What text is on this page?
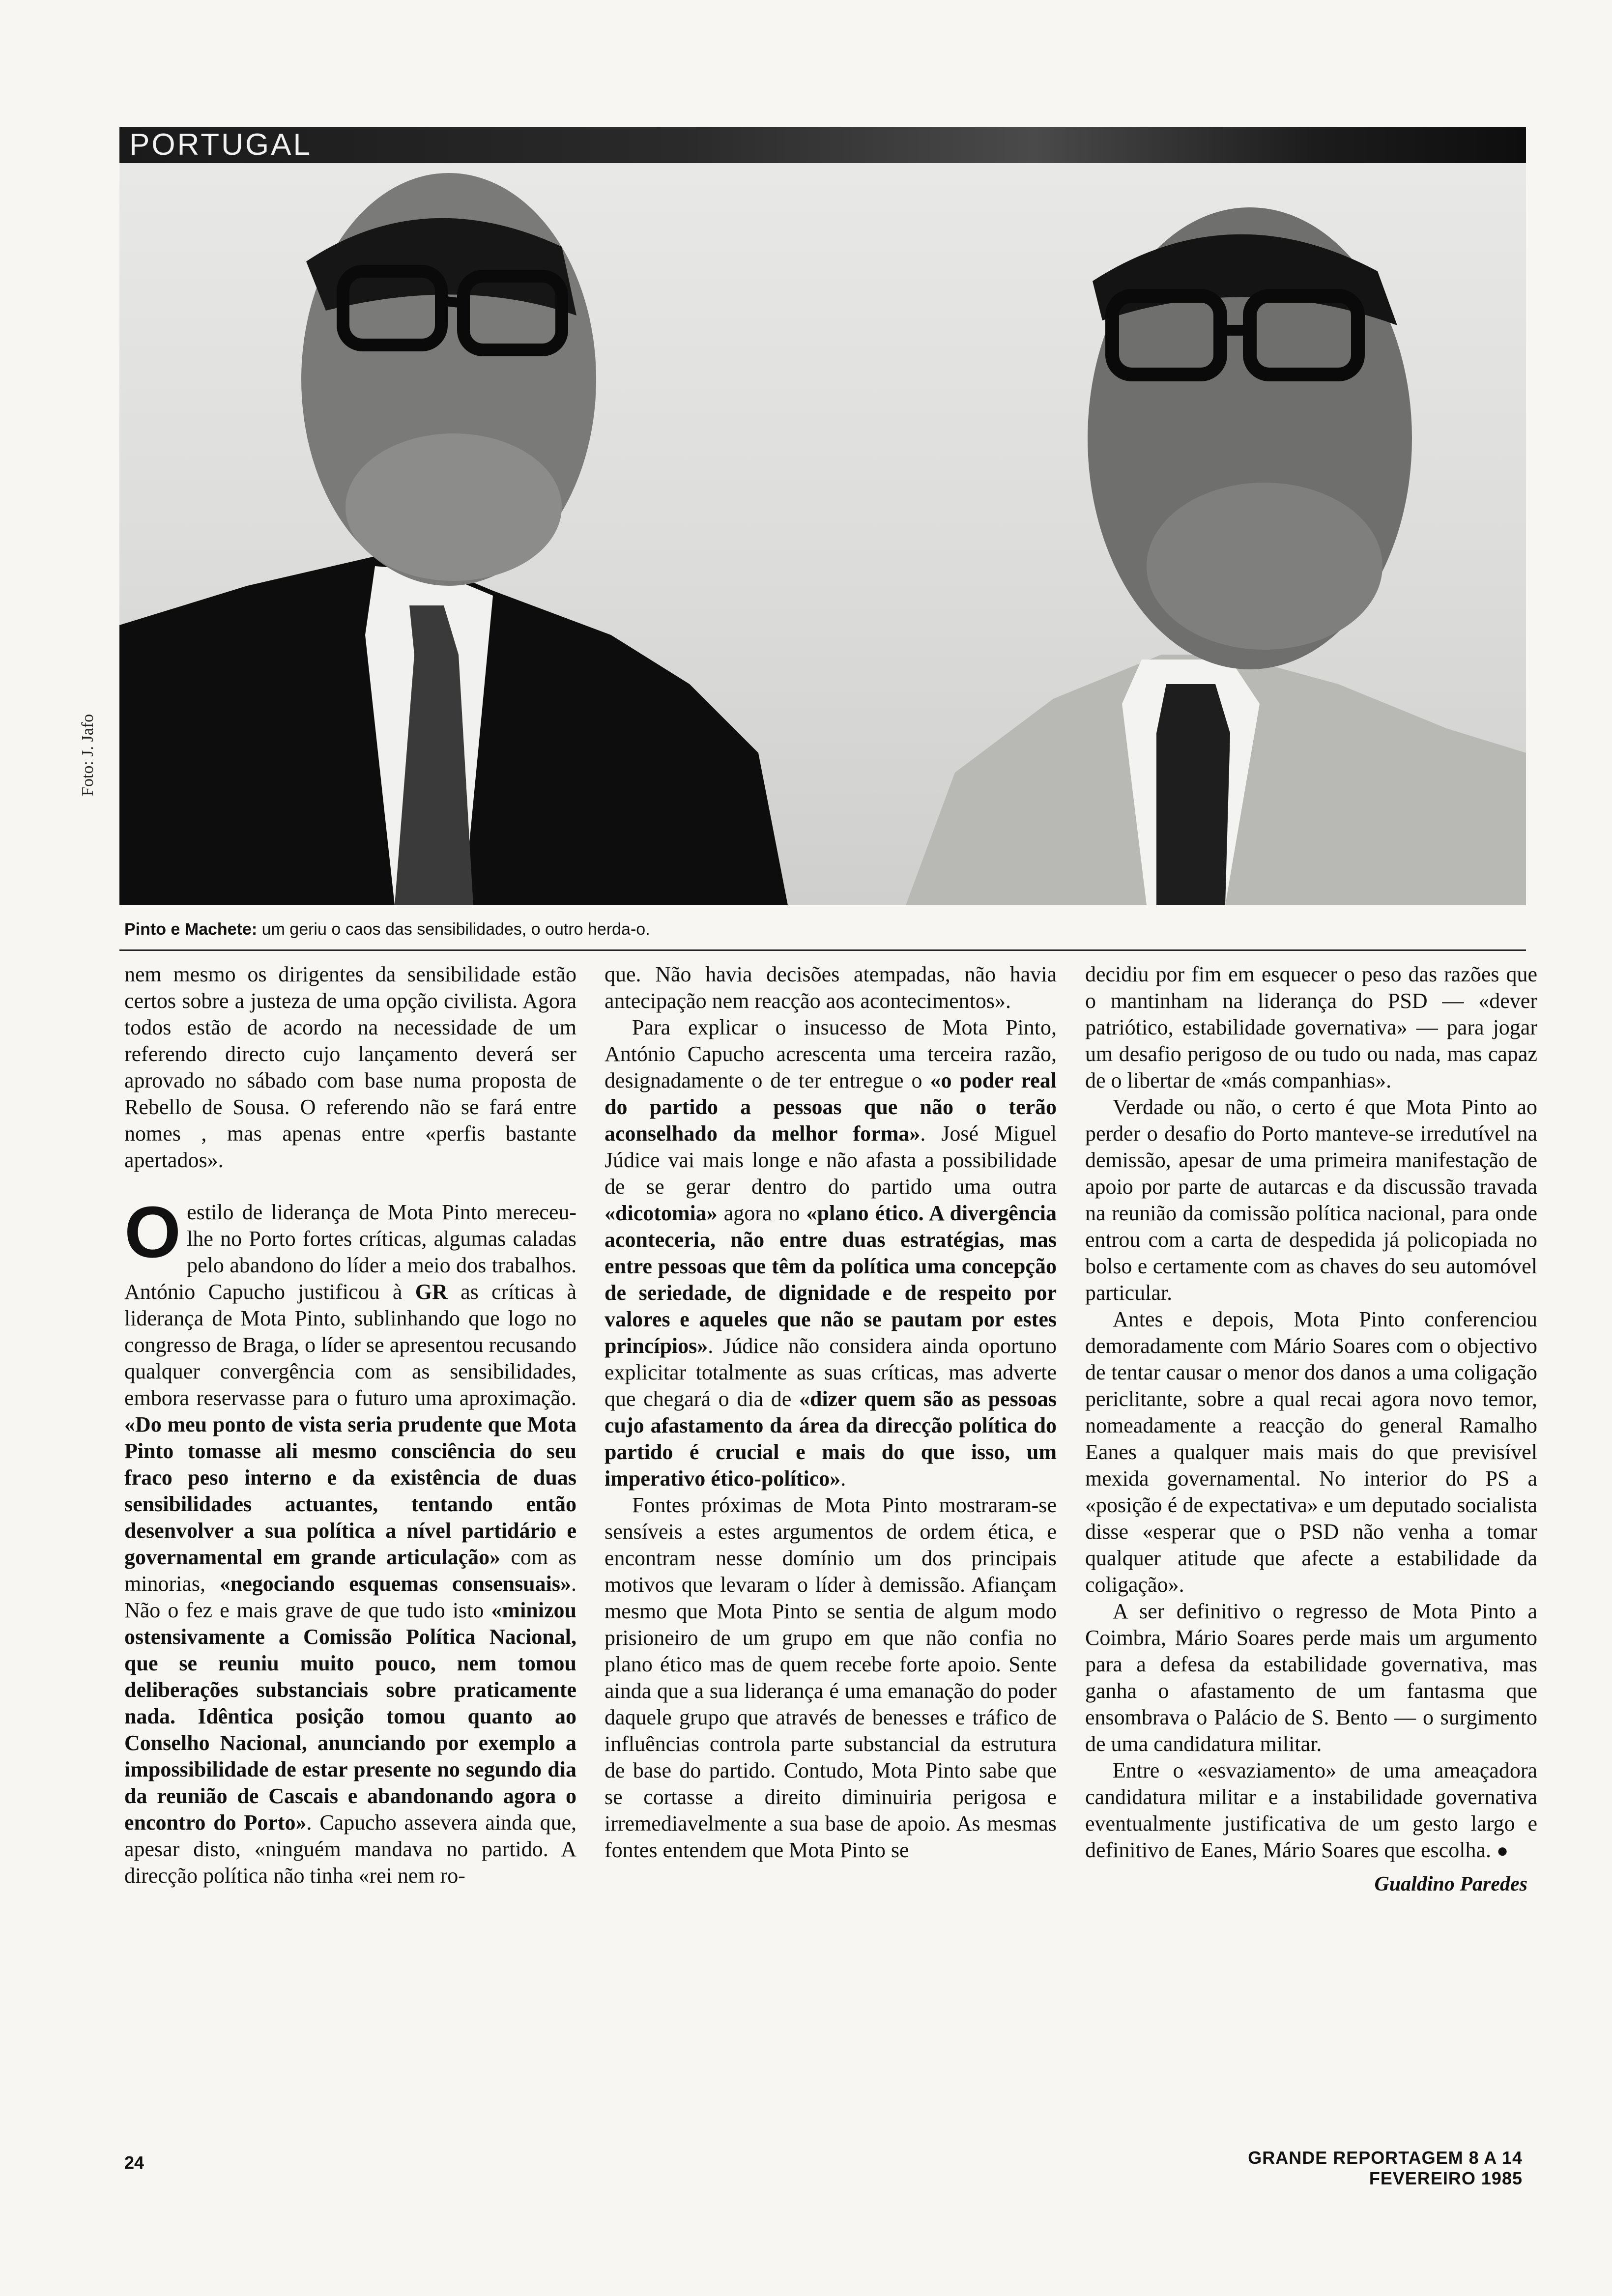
PORTUGAL
Foto: J. Jafo
Pinto e Machete: um geriu o caos das sensibilidades, o outro herda-o.

nem mesmo os dirigentes da sensibilidade estão certos sobre a justeza de uma opção civilista. Agora todos estão de acordo na necessidade de um referendo directo cujo lançamento deverá ser aprovado no sábado com base numa proposta de Rebello de Sousa. O referendo não se fará entre nomes , mas apenas entre «perfis bastante apertados».

Oestilo de liderança de Mota Pinto mereceu-lhe no Porto fortes críticas, algumas caladas pelo abandono do líder a meio dos trabalhos. António Capucho justificou à GR as críticas à liderança de Mota Pinto, sublinhando que logo no congresso de Braga, o líder se apresentou recusando qualquer convergência com as sensibilidades, embora reservasse para o futuro uma aproximação. «Do meu ponto de vista seria prudente que Mota Pinto tomasse ali mesmo consciência do seu fraco peso interno e da existência de duas sensibilidades actuantes, tentando então desenvolver a sua política a nível partidário e governamental em grande articulação» com as minorias, «negociando esquemas consensuais». Não o fez e mais grave de que tudo isto «minizou ostensivamente a Comissão Política Nacional, que se reuniu muito pouco, nem tomou deliberações substanciais sobre praticamente nada. Idêntica posição tomou quanto ao Conselho Nacional, anunciando por exemplo a impossibilidade de estar presente no segundo dia da reunião de Cascais e abandonando agora o encontro do Porto». Capucho assevera ainda que, apesar disto, «ninguém mandava no partido. A direcção política não tinha «rei nem ro-

que. Não havia decisões atempadas, não havia antecipação nem reacção aos acontecimentos».

Para explicar o insucesso de Mota Pinto, António Capucho acrescenta uma terceira razão, designadamente o de ter entregue o «o poder real do partido a pessoas que não o terão aconselhado da melhor forma». José Miguel Júdice vai mais longe e não afasta a possibilidade de se gerar dentro do partido uma outra «dicotomia» agora no «plano ético. A divergência aconteceria, não entre duas estratégias, mas entre pessoas que têm da política uma concepção de seriedade, de dignidade e de respeito por valores e aqueles que não se pautam por estes princípios». Júdice não considera ainda oportuno explicitar totalmente as suas críticas, mas adverte que chegará o dia de «dizer quem são as pessoas cujo afastamento da área da direcção política do partido é crucial e mais do que isso, um imperativo ético-político».

Fontes próximas de Mota Pinto mostraram-se sensíveis a estes argumentos de ordem ética, e encontram nesse domínio um dos principais motivos que levaram o líder à demissão. Afiançam mesmo que Mota Pinto se sentia de algum modo prisioneiro de um grupo em que não confia no plano ético mas de quem recebe forte apoio. Sente ainda que a sua liderança é uma emanação do poder daquele grupo que através de benesses e tráfico de influências controla parte substancial da estrutura de base do partido. Contudo, Mota Pinto sabe que se cortasse a direito diminuiria perigosa e irremediavelmente a sua base de apoio. As mesmas fontes entendem que Mota Pinto se

decidiu por fim em esquecer o peso das razões que o mantinham na liderança do PSD — «dever patriótico, estabilidade governativa» — para jogar um desafio perigoso de ou tudo ou nada, mas capaz de o libertar de «más companhias».

Verdade ou não, o certo é que Mota Pinto ao perder o desafio do Porto manteve-se irredutível na demissão, apesar de uma primeira manifestação de apoio por parte de autarcas e da discussão travada na reunião da comissão política nacional, para onde entrou com a carta de despedida já policopiada no bolso e certamente com as chaves do seu automóvel particular.

Antes e depois, Mota Pinto conferenciou demoradamente com Mário Soares com o objectivo de tentar causar o menor dos danos a uma coligação periclitante, sobre a qual recai agora novo temor, nomeadamente a reacção do general Ramalho Eanes a qualquer mais mais do que previsível mexida governamental. No interior do PS a «posição é de expectativa» e um deputado socialista disse «esperar que o PSD não venha a tomar qualquer atitude que afecte a estabilidade da coligação».

A ser definitivo o regresso de Mota Pinto a Coimbra, Mário Soares perde mais um argumento para a defesa da estabilidade governativa, mas ganha o afastamento de um fantasma que ensombrava o Palácio de S. Bento — o surgimento de uma candidatura militar.

Entre o «esvaziamento» de uma ameaçadora candidatura militar e a instabilidade governativa eventualmente justificativa de um gesto largo e definitivo de Eanes, Mário Soares que escolha. ●

Gualdino Paredes
24	GRANDE REPORTAGEM 8 A 14 FEVEREIRO 1985
